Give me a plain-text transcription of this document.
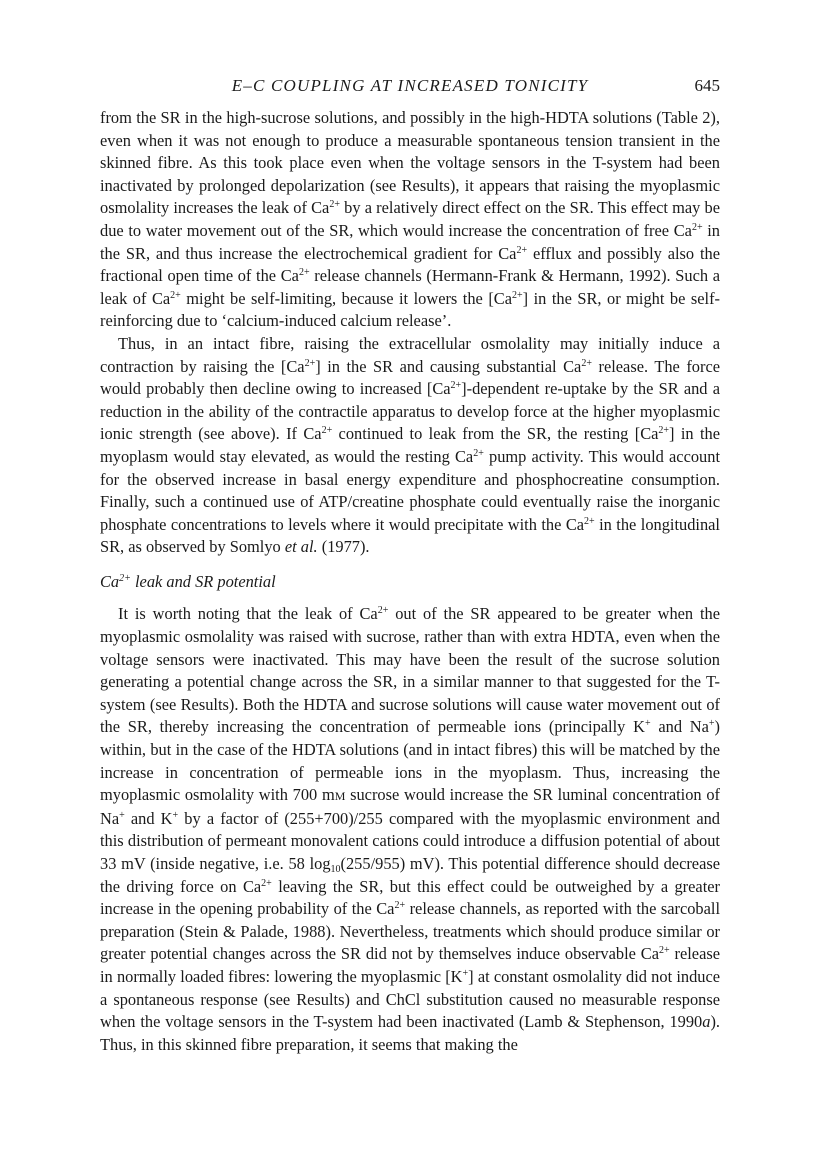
E–C COUPLING AT INCREASED TONICITY	645

from the SR in the high-sucrose solutions, and possibly in the high-HDTA solutions (Table 2), even when it was not enough to produce a measurable spontaneous tension transient in the skinned fibre. As this took place even when the voltage sensors in the T-system had been inactivated by prolonged depolarization (see Results), it appears that raising the myoplasmic osmolality increases the leak of $Ca^{2+}$ by a relatively direct effect on the SR. This effect may be due to water movement out of the SR, which would increase the concentration of free $Ca^{2+}$ in the SR, and thus increase the electrochemical gradient for $Ca^{2+}$ efflux and possibly also the fractional open time of the $Ca^{2+}$ release channels (Hermann-Frank & Hermann, 1992). Such a leak of $Ca^{2+}$ might be self-limiting, because it lowers the $[Ca^{2+}]$ in the SR, or might be self-reinforcing due to ‘calcium-induced calcium release’.

Thus, in an intact fibre, raising the extracellular osmolality may initially induce a contraction by raising the $[Ca^{2+}]$ in the SR and causing substantial $Ca^{2+}$ release. The force would probably then decline owing to increased $[Ca^{2+}]$-dependent re-uptake by the SR and a reduction in the ability of the contractile apparatus to develop force at the higher myoplasmic ionic strength (see above). If $Ca^{2+}$ continued to leak from the SR, the resting $[Ca^{2+}]$ in the myoplasm would stay elevated, as would the resting $Ca^{2+}$ pump activity. This would account for the observed increase in basal energy expenditure and phosphocreatine consumption. Finally, such a continued use of ATP/creatine phosphate could eventually raise the inorganic phosphate concentrations to levels where it would precipitate with the $Ca^{2+}$ in the longitudinal SR, as observed by Somlyo et al. (1977).

$Ca^{2+}$ leak and SR potential

It is worth noting that the leak of $Ca^{2+}$ out of the SR appeared to be greater when the myoplasmic osmolality was raised with sucrose, rather than with extra HDTA, even when the voltage sensors were inactivated. This may have been the result of the sucrose solution generating a potential change across the SR, in a similar manner to that suggested for the T-system (see Results). Both the HDTA and sucrose solutions will cause water movement out of the SR, thereby increasing the concentration of permeable ions (principally K+ and Na+) within, but in the case of the HDTA solutions (and in intact fibres) this will be matched by the increase in concentration of permeable ions in the myoplasm. Thus, increasing the myoplasmic osmolality with 700 mM sucrose would increase the SR luminal concentration of Na+ and K+ by a factor of (255+700)/255 compared with the myoplasmic environment and this distribution of permeant monovalent cations could introduce a diffusion potential of about 33 mV (inside negative, i.e. 58 $\log_{10}(255/955)$ mV). This potential difference should decrease the driving force on $Ca^{2+}$ leaving the SR, but this effect could be outweighed by a greater increase in the opening probability of the $Ca^{2+}$ release channels, as reported with the sarcoball preparation (Stein & Palade, 1988). Nevertheless, treatments which should produce similar or greater potential changes across the SR did not by themselves induce observable $Ca^{2+}$ release in normally loaded fibres: lowering the myoplasmic [K+] at constant osmolality did not induce a spontaneous response (see Results) and ChCl substitution caused no measurable response when the voltage sensors in the T-system had been inactivated (Lamb & Stephenson, 1990a). Thus, in this skinned fibre preparation, it seems that making the
